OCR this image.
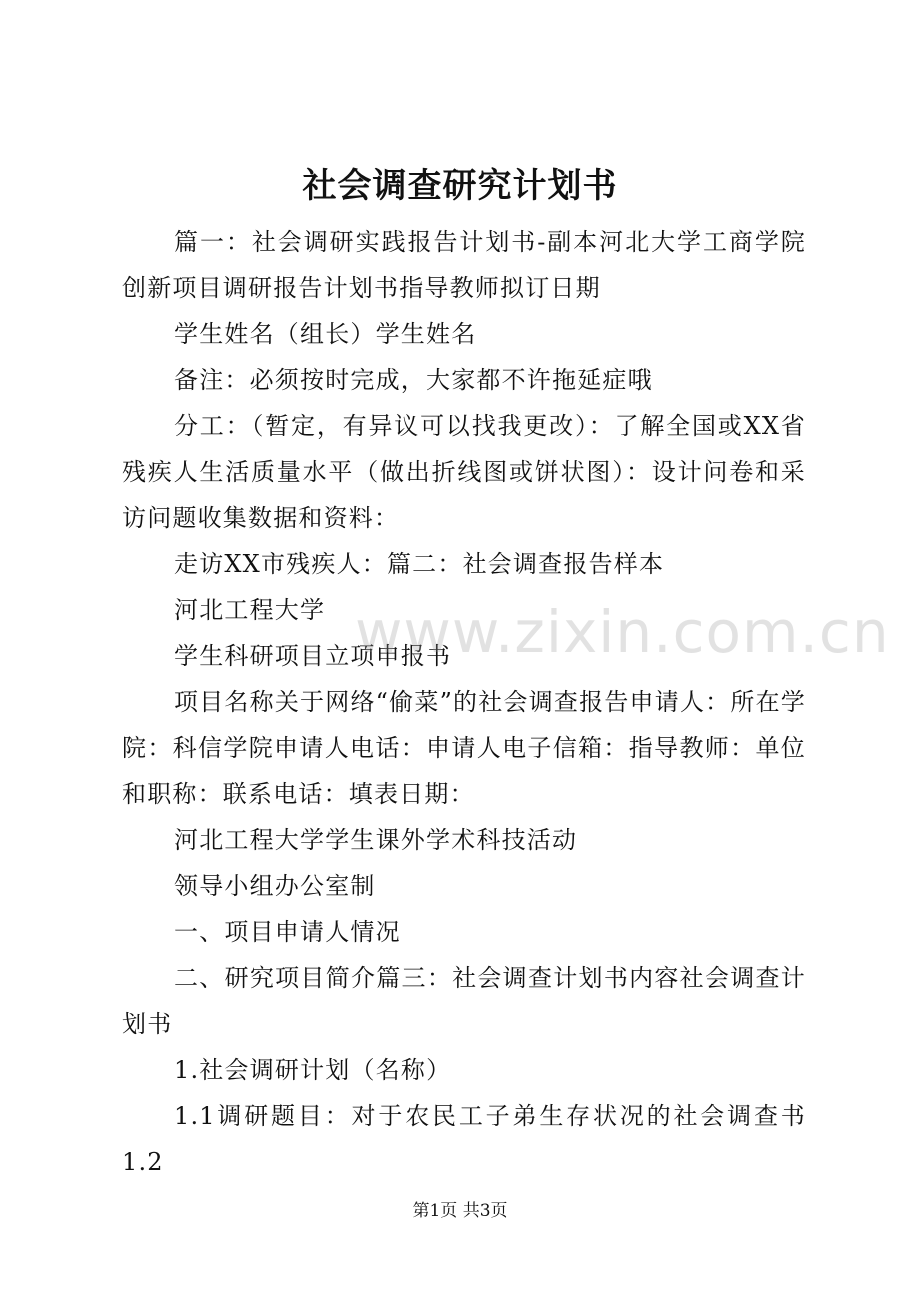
社会调查研究计划书

篇一：社会调研实践报告计划书-副本河北大学工商学院创新项目调研报告计划书指导教师拟订日期

学生姓名（组长）学生姓名

备注：必须按时完成，大家都不许拖延症哦

分工：（暂定，有异议可以找我更改）：了解全国或XX省残疾人生活质量水平（做出折线图或饼状图）：设计问卷和采访问题收集数据和资料：

走访XX市残疾人：篇二：社会调查报告样本

河北工程大学

学生科研项目立项申报书

项目名称关于网络“偷菜”的社会调查报告申请人：所在学院：科信学院申请人电话：申请人电子信箱：指导教师：单位和职称：联系电话：填表日期：

河北工程大学学生课外学术科技活动

领导小组办公室制

一、项目申请人情况

二、研究项目简介篇三：社会调查计划书内容社会调查计划书

1.社会调研计划（名称）

1.1调研题目：对于农民工子弟生存状况的社会调查书1.2

www.zixin.com.cn
第1页 共3页
